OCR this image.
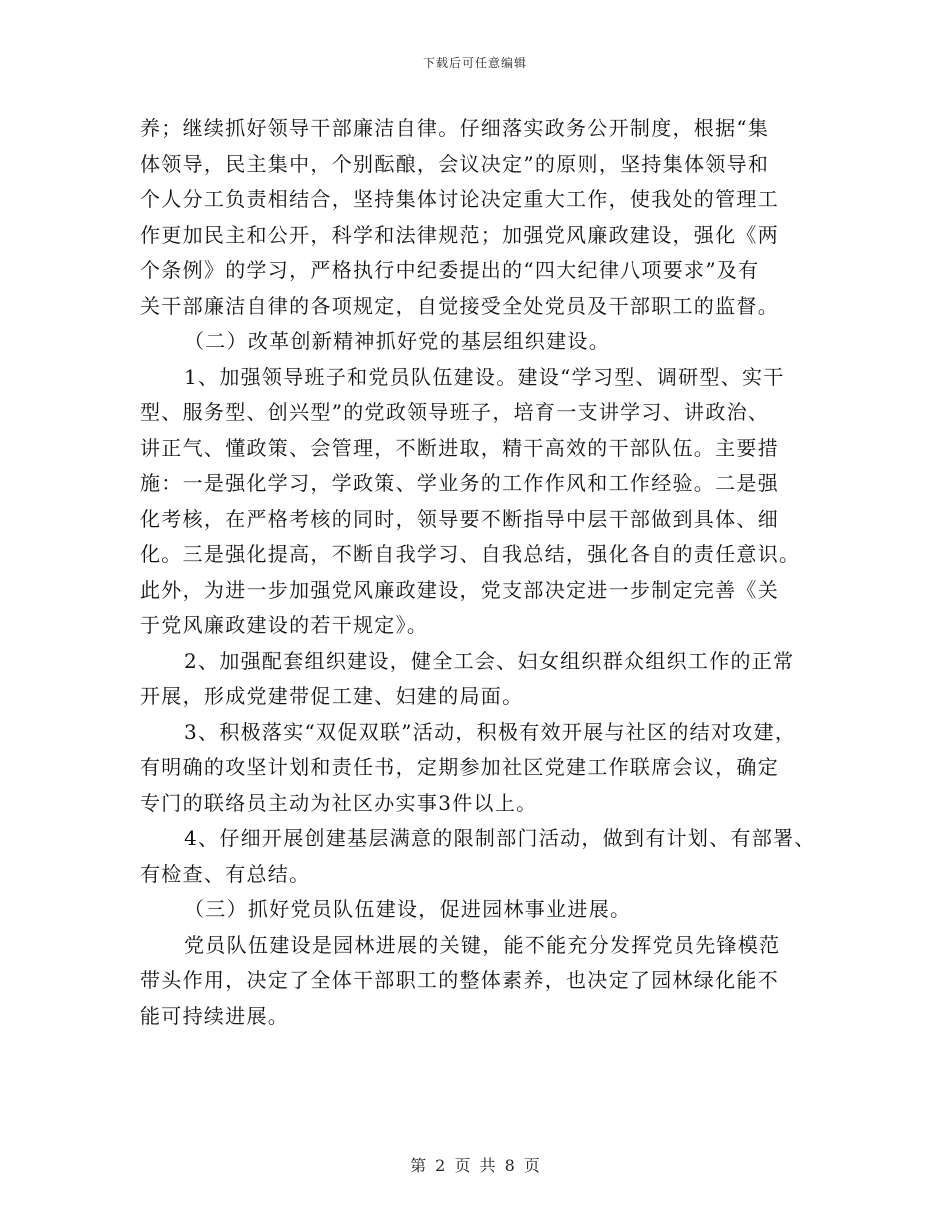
下载后可任意编辑
养；继续抓好领导干部廉洁自律。仔细落实政务公开制度，根据“集
体领导，民主集中，个别酝酿，会议决定”的原则，坚持集体领导和
个人分工负责相结合，坚持集体讨论决定重大工作，使我处的管理工
作更加民主和公开，科学和法律规范；加强党风廉政建设，强化《两
个条例》的学习，严格执行中纪委提出的“四大纪律八项要求”及有
关干部廉洁自律的各项规定，自觉接受全处党员及干部职工的监督。
（二）改革创新精神抓好党的基层组织建设。
1、加强领导班子和党员队伍建设。建设“学习型、调研型、实干
型、服务型、创兴型”的党政领导班子，培育一支讲学习、讲政治、
讲正气、懂政策、会管理，不断进取，精干高效的干部队伍。主要措
施：一是强化学习，学政策、学业务的工作作风和工作经验。二是强
化考核，在严格考核的同时，领导要不断指导中层干部做到具体、细
化。三是强化提高，不断自我学习、自我总结，强化各自的责任意识。
此外，为进一步加强党风廉政建设，党支部决定进一步制定完善《关
于党风廉政建设的若干规定》。
2、加强配套组织建设，健全工会、妇女组织群众组织工作的正常
开展，形成党建带促工建、妇建的局面。
3、积极落实“双促双联”活动，积极有效开展与社区的结对攻建，
有明确的攻坚计划和责任书，定期参加社区党建工作联席会议，确定
专门的联络员主动为社区办实事3件以上。
4、仔细开展创建基层满意的限制部门活动，做到有计划、有部署、
有检查、有总结。
（三）抓好党员队伍建设，促进园林事业进展。
党员队伍建设是园林进展的关键，能不能充分发挥党员先锋模范
带头作用，决定了全体干部职工的整体素养，也决定了园林绿化能不
能可持续进展。
第 2 页 共 8 页
